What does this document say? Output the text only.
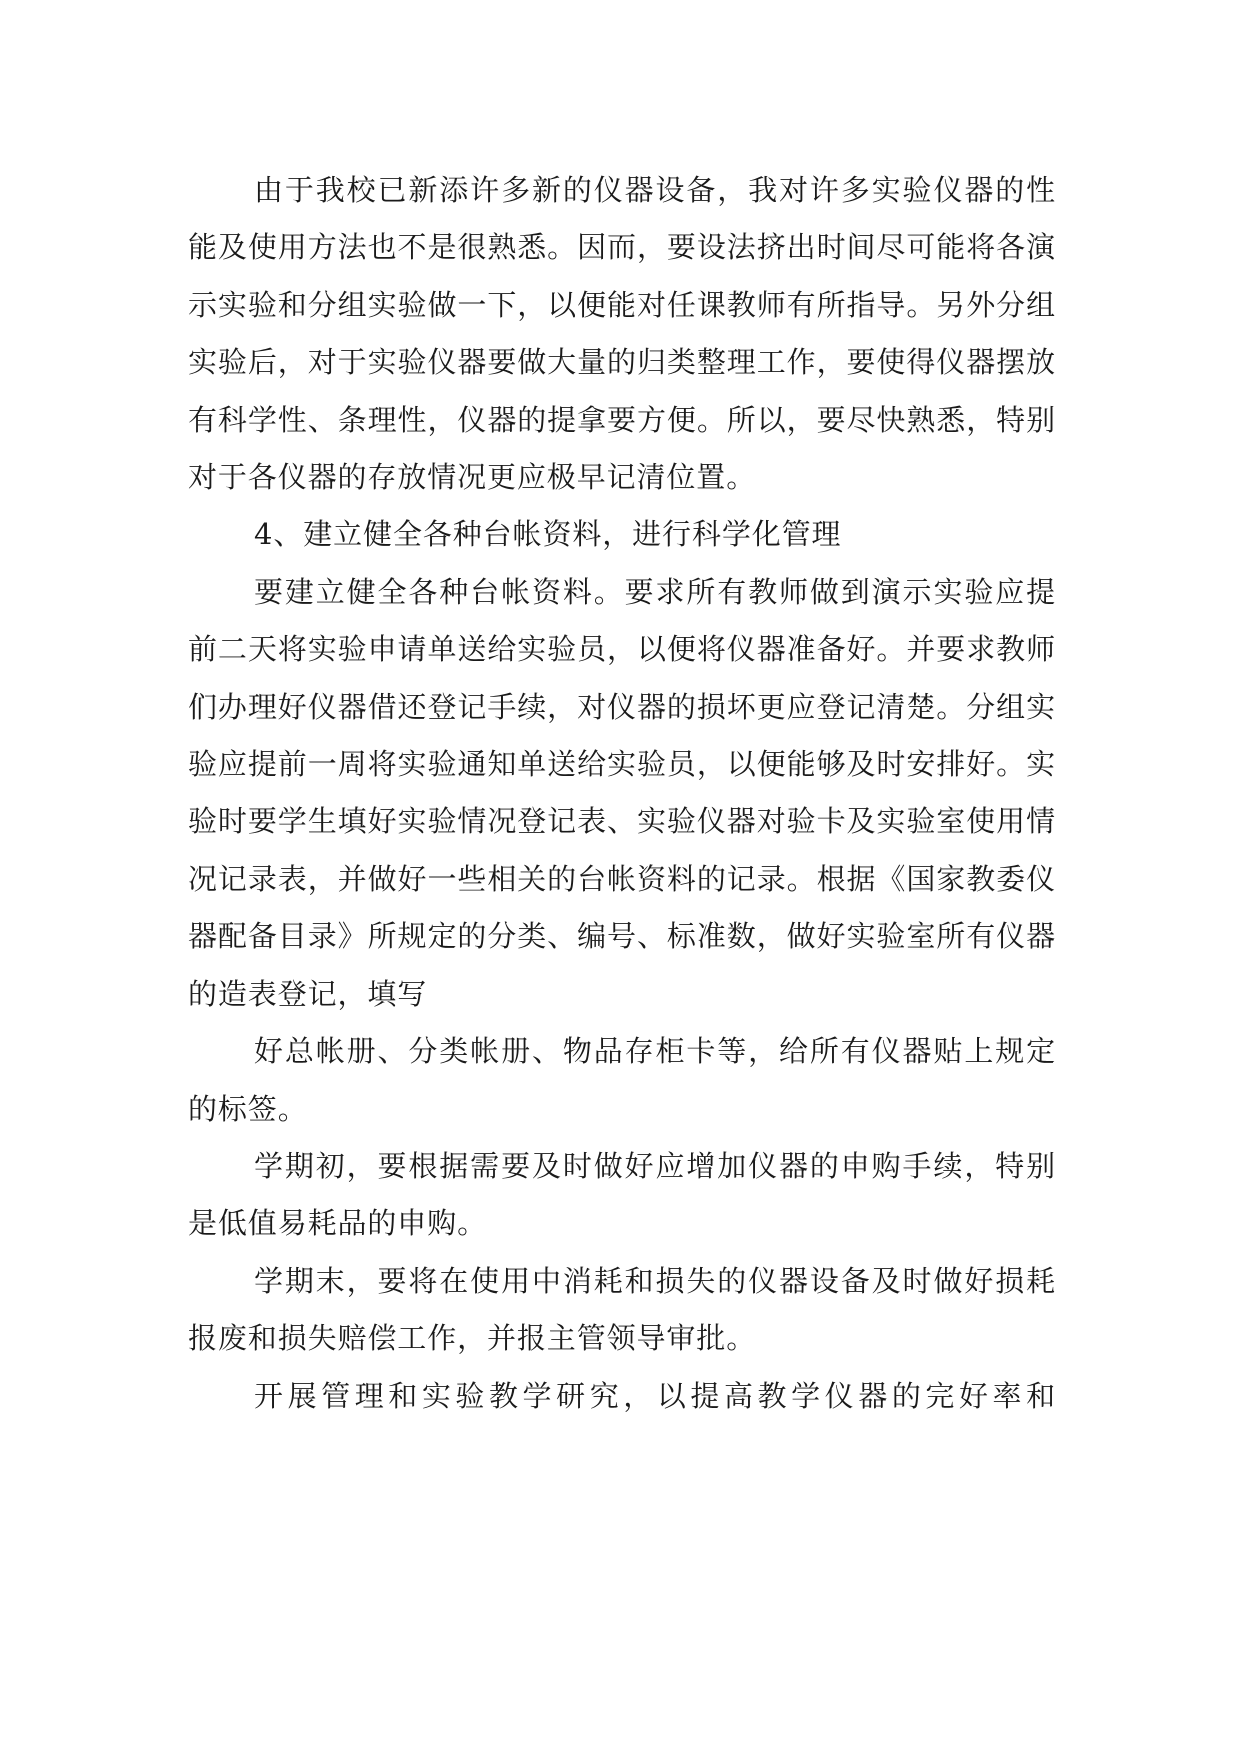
由于我校已新添许多新的仪器设备，我对许多实验仪器的性能及使用方法也不是很熟悉。因而，要设法挤出时间尽可能将各演示实验和分组实验做一下，以便能对任课教师有所指导。另外分组实验后，对于实验仪器要做大量的归类整理工作，要使得仪器摆放有科学性、条理性，仪器的提拿要方便。所以，要尽快熟悉，特别对于各仪器的存放情况更应极早记清位置。

4、建立健全各种台帐资料，进行科学化管理

要建立健全各种台帐资料。要求所有教师做到演示实验应提前二天将实验申请单送给实验员，以便将仪器准备好。并要求教师们办理好仪器借还登记手续，对仪器的损坏更应登记清楚。分组实验应提前一周将实验通知单送给实验员，以便能够及时安排好。实验时要学生填好实验情况登记表、实验仪器对验卡及实验室使用情况记录表，并做好一些相关的台帐资料的记录。根据《国家教委仪器配备目录》所规定的分类、编号、标准数，做好实验室所有仪器的造表登记，填写

好总帐册、分类帐册、物品存柜卡等，给所有仪器贴上规定的标签。

学期初，要根据需要及时做好应增加仪器的申购手续，特别是低值易耗品的申购。

学期末，要将在使用中消耗和损失的仪器设备及时做好损耗报废和损失赔偿工作，并报主管领导审批。

开展管理和实验教学研究，以提高教学仪器的完好率和
